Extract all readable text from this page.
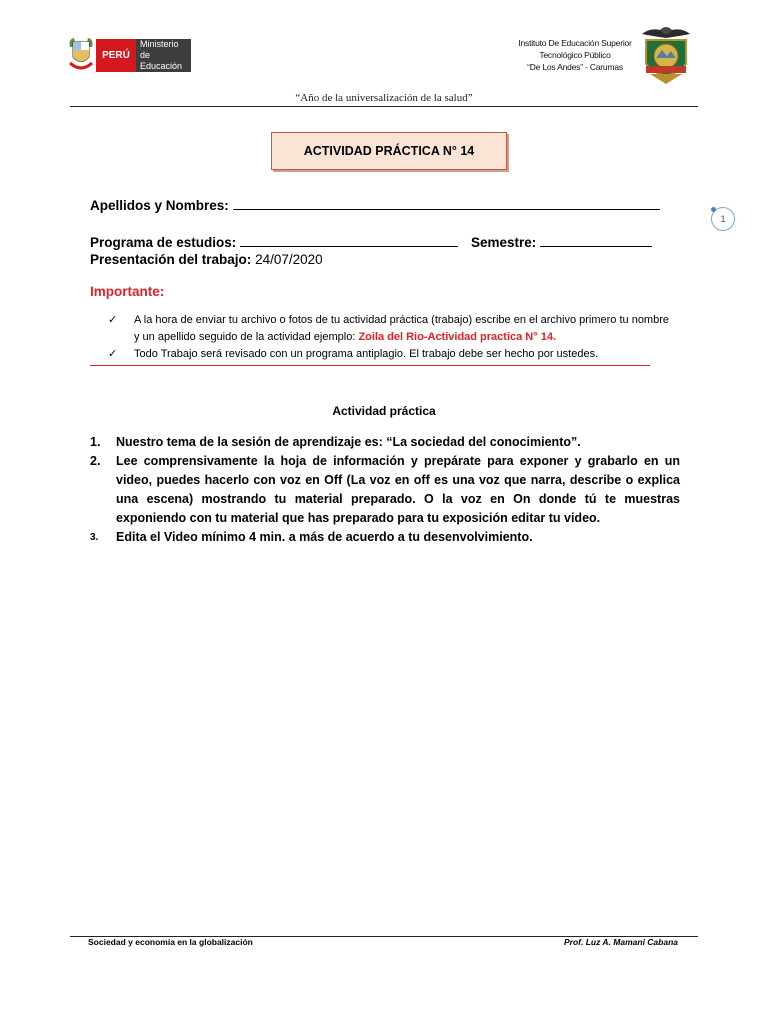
PERÚ
Ministerio de
Educación
Instituto De Educación Superior
Tecnológico Público
“De Los Andes” - Carumas
“Año de la universalización de la salud”
ACTIVIDAD PRÁCTICA N° 14
1
Apellidos y Nombres:
Programa de estudios:	Semestre:
Presentación del trabajo: 24/07/2020
Importante:
✓ A la hora de enviar tu archivo o fotos de tu actividad práctica (trabajo) escribe en el archivo primero tu nombre y un apellido seguido de la actividad ejemplo: Zoila del Rio-Actividad practica N° 14.
✓ Todo Trabajo será revisado con un programa antiplagio. El trabajo debe ser hecho por ustedes.
Actividad práctica
1. Nuestro tema de la sesión de aprendizaje es: “La sociedad del conocimiento”.
2. Lee comprensivamente la hoja de información y prepárate para exponer y grabarlo en un video, puedes hacerlo con voz en Off (La voz en off es una voz que narra, describe o explica una escena) mostrando tu material preparado. O la voz en On donde tú te muestras exponiendo con tu material que has preparado para tu exposición editar tu video.
3. Edita el Video mínimo 4 min. a más de acuerdo a tu desenvolvimiento.
Sociedad y economía en la globalización	Prof. Luz A. Mamani Cabana
